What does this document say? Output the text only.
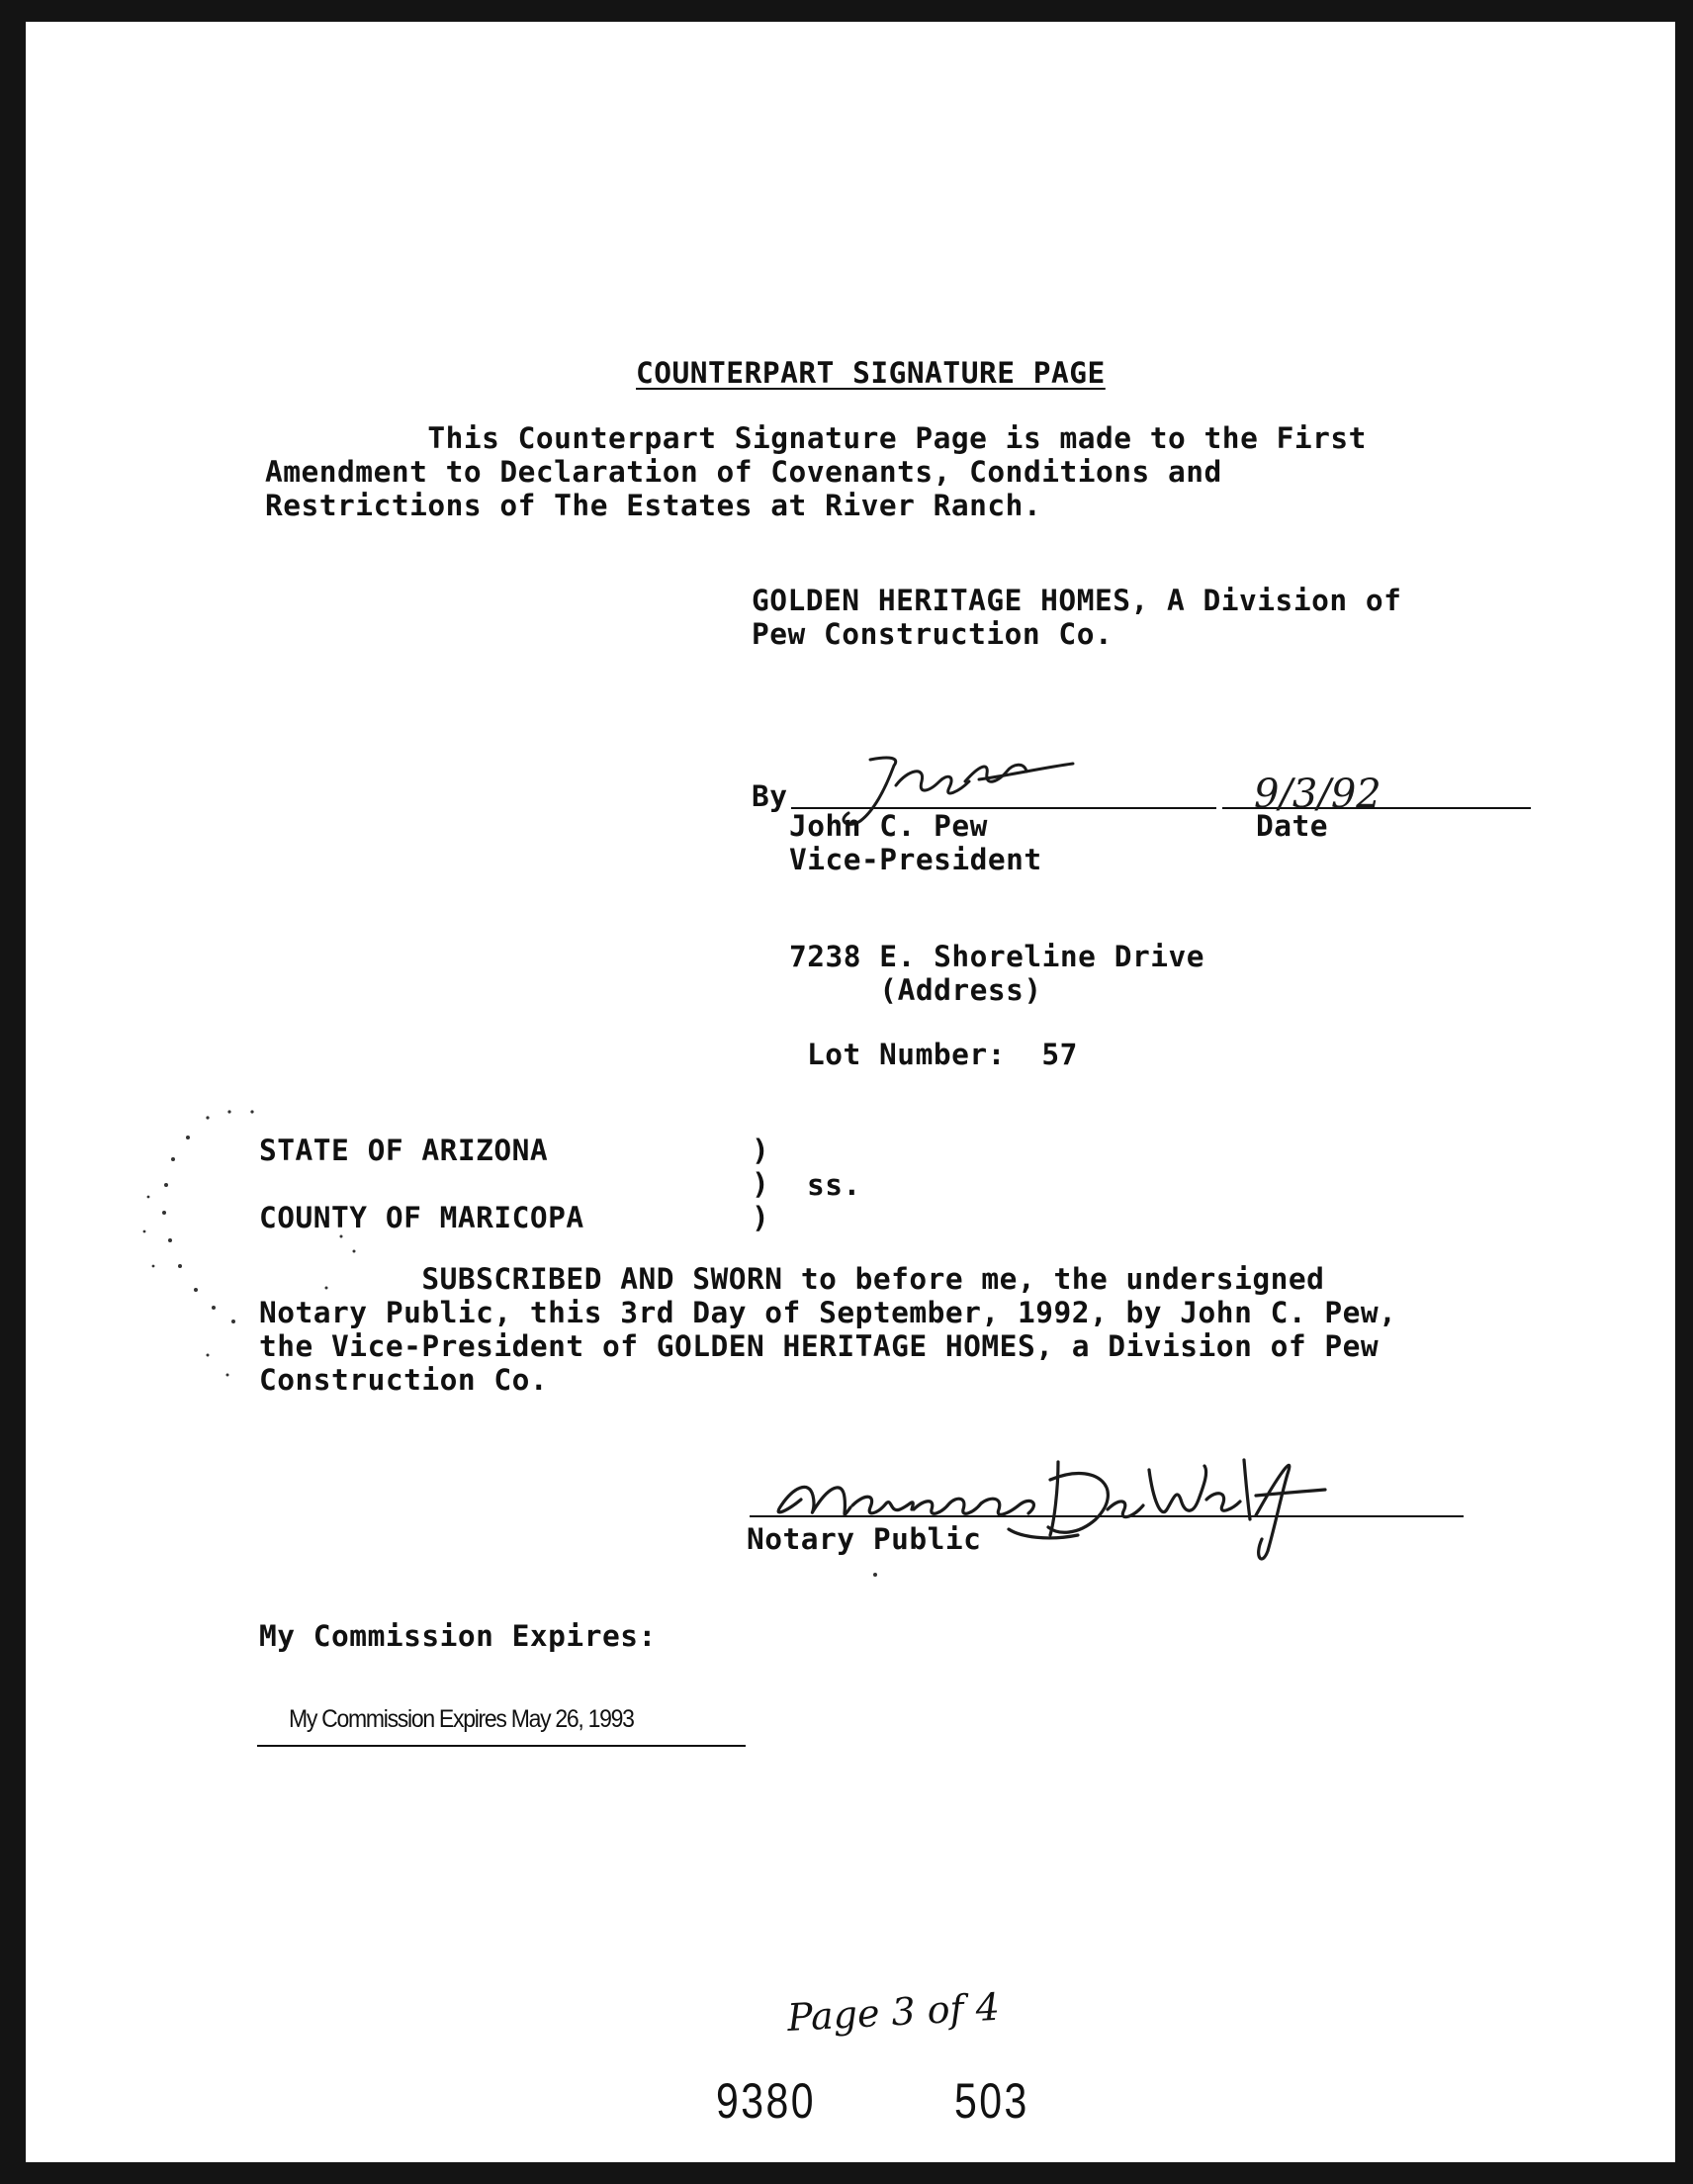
COUNTERPART SIGNATURE PAGE
This Counterpart Signature Page is made to the First
Amendment to Declaration of Covenants, Conditions and
Restrictions of The Estates at River Ranch.
GOLDEN HERITAGE HOMES, A Division of
Pew Construction Co.
By	9/3/92
John C. Pew
Vice-President
Date
7238 E. Shoreline Drive
(Address)
Lot Number:  57
STATE OF ARIZONA

COUNTY OF MARICOPA
)
)
)
ss.
SUBSCRIBED AND SWORN to before me, the undersigned
Notary Public, this 3rd Day of September, 1992, by John C. Pew,
the Vice-President of GOLDEN HERITAGE HOMES, a Division of Pew
Construction Co.
Notary Public
My Commission Expires:
My Commission Expires May 26, 1993
Page 3 of 4
9380	503
